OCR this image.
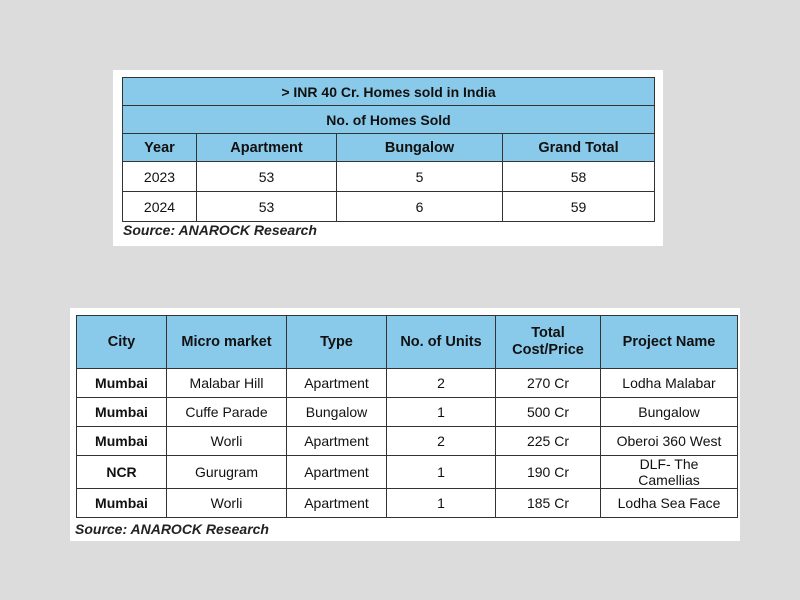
> INR 40 Cr. Homes sold in India			
No. of Homes Sold			
Year	Apartment	Bungalow	Grand Total
2023	53	5	58
2024	53	6	59
Source: ANAROCK Research
City	Micro market	Type	No. of Units	Total Cost/Price	Project Name
Mumbai	Malabar Hill	Apartment	2	270 Cr	Lodha Malabar
Mumbai	Cuffe Parade	Bungalow	1	500 Cr	Bungalow
Mumbai	Worli	Apartment	2	225 Cr	Oberoi 360 West
NCR	Gurugram	Apartment	1	190 Cr	DLF- The Camellias
Mumbai	Worli	Apartment	1	185 Cr	Lodha Sea Face
Source: ANAROCK Research
